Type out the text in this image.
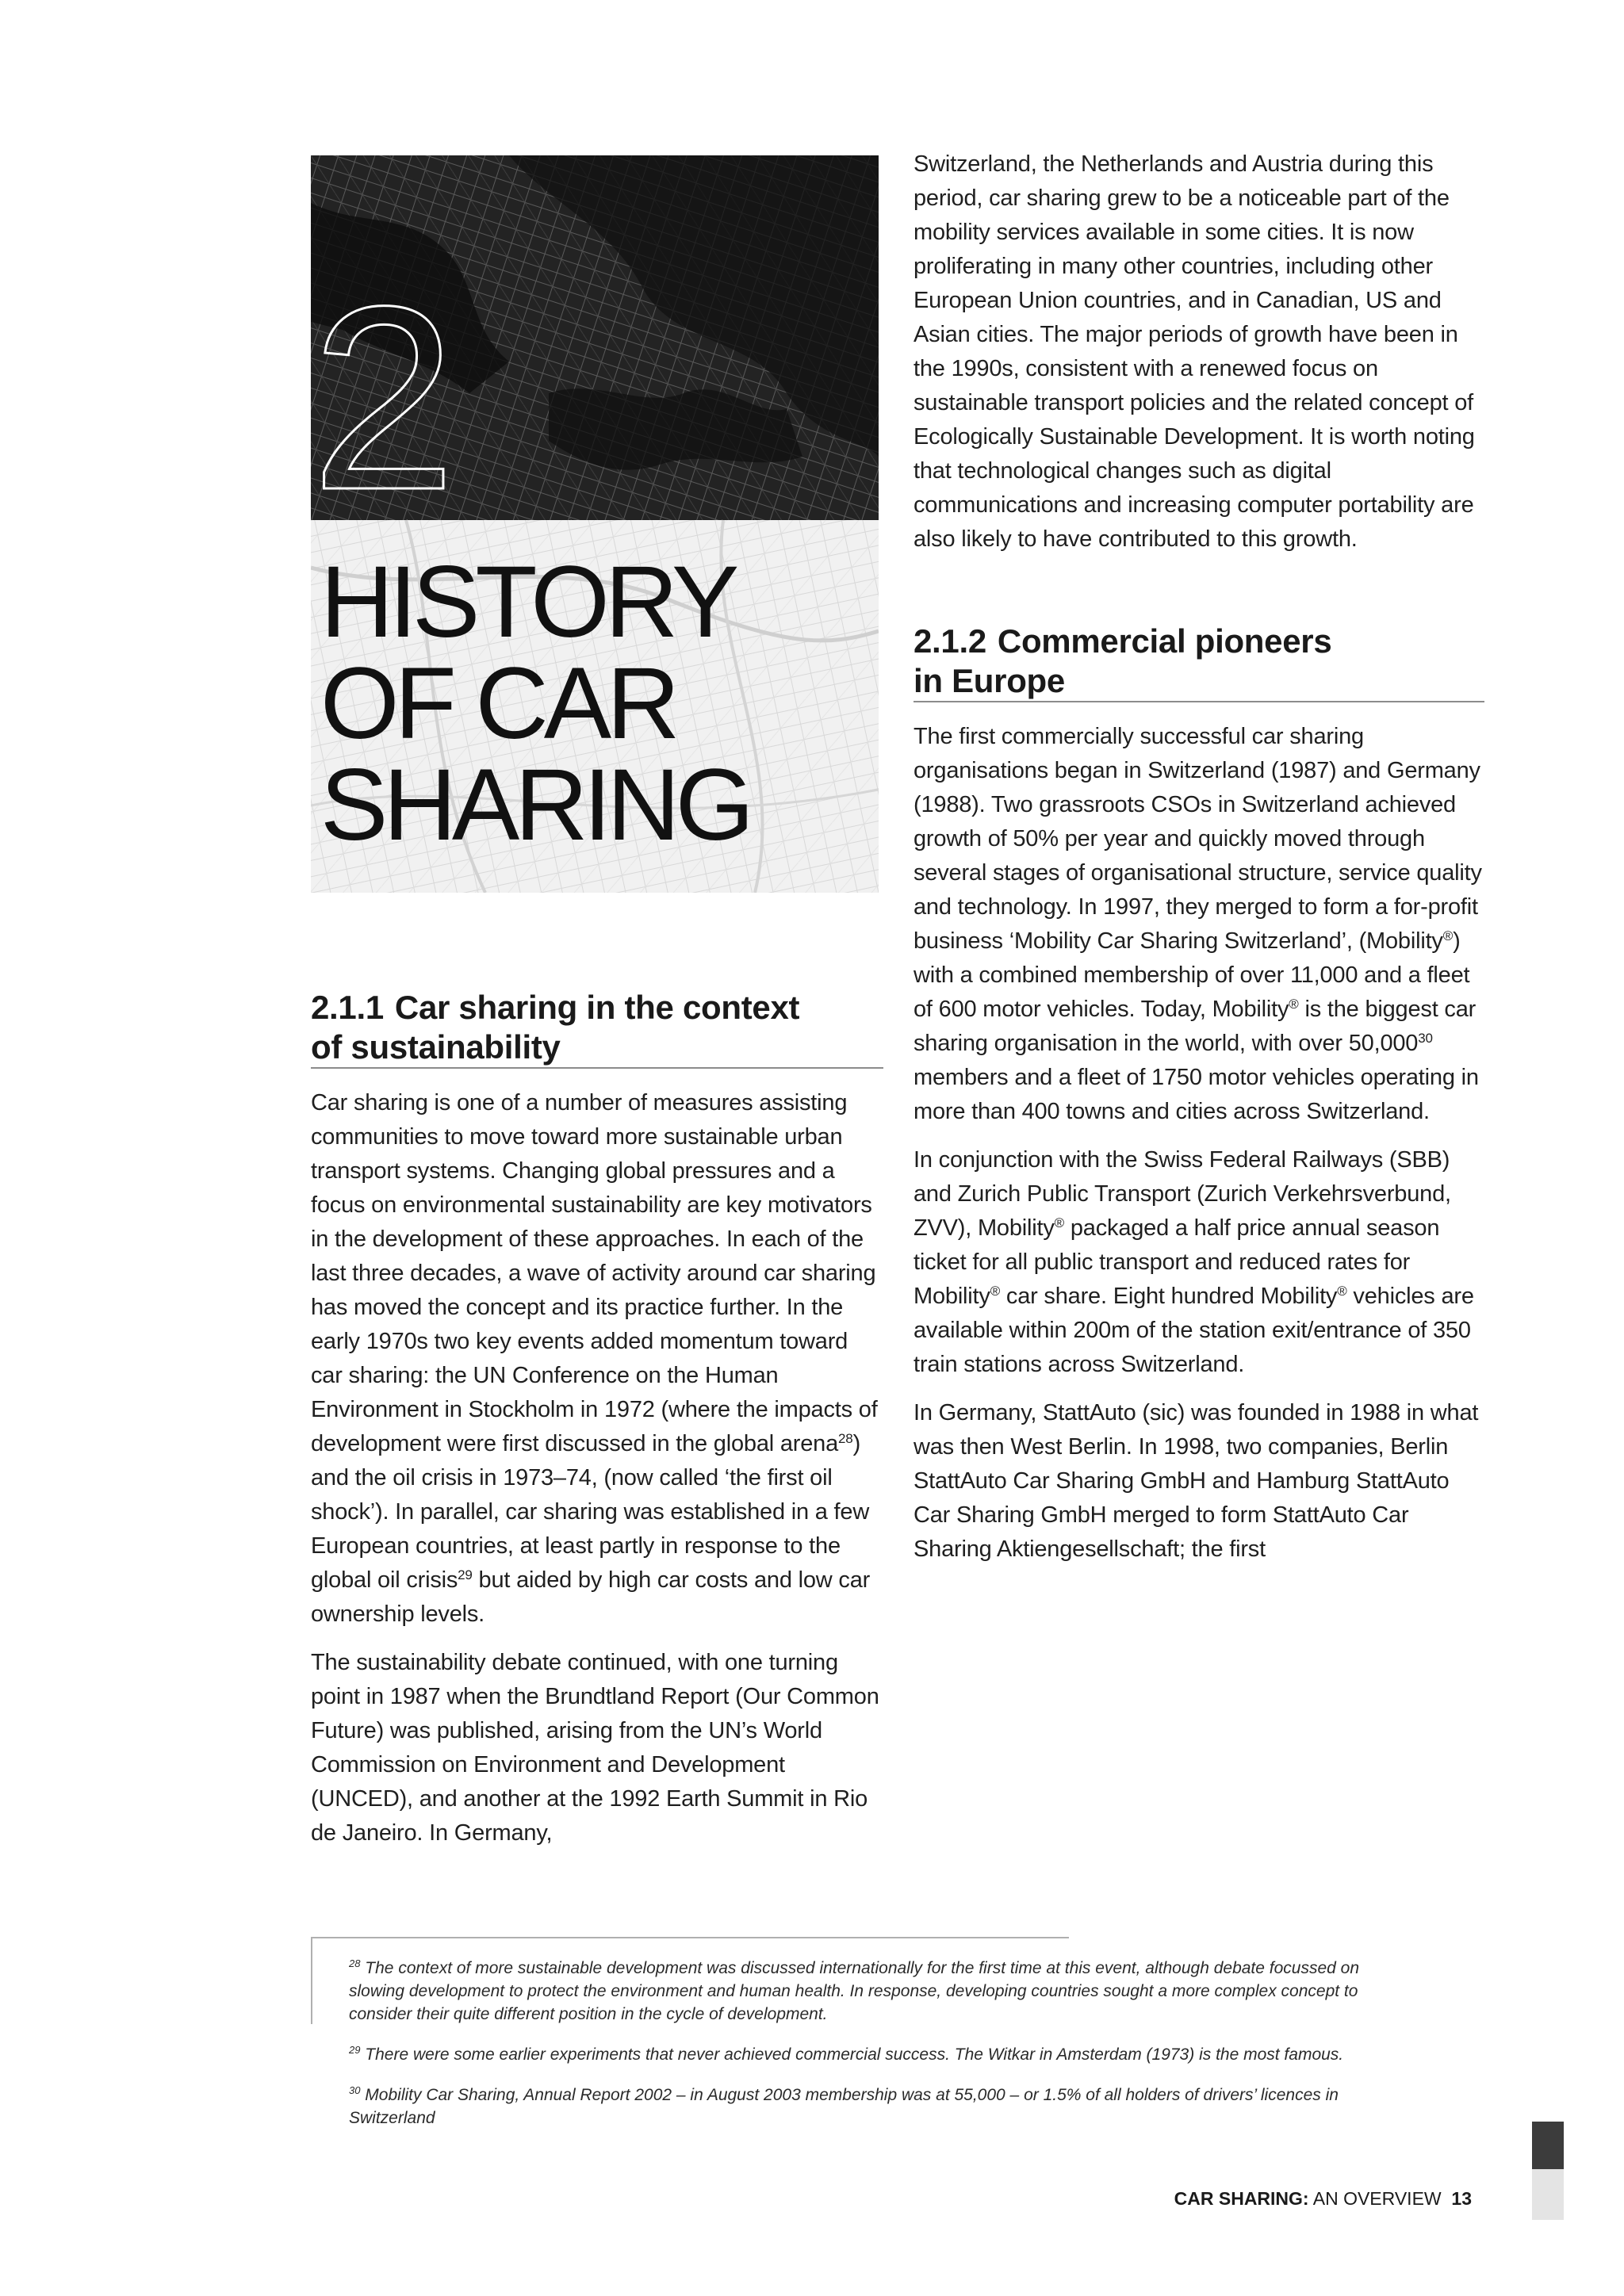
2
HISTORY
OF CAR
SHARING
2.1.1 Car sharing in the context
of sustainability

Car sharing is one of a number of measures assisting communities to move toward more sustainable urban transport systems. Changing global pressures and a focus on environmental sustainability are key motivators in the development of these approaches. In each of the last three decades, a wave of activity around car sharing has moved the concept and its practice further. In the early 1970s two key events added momentum toward car sharing: the UN Conference on the Human Environment in Stockholm in 1972 (where the impacts of development were first discussed in the global arena$^{28}$) and the oil crisis in 1973–74, (now called ‘the first oil shock’). In parallel, car sharing was established in a few European countries, at least partly in response to the global oil crisis$^{29}$ but aided by high car costs and low car ownership levels.

The sustainability debate continued, with one turning point in 1987 when the Brundtland Report (Our Common Future) was published, arising from the UN’s World Commission on Environment and Development (UNCED), and another at the 1992 Earth Summit in Rio de Janeiro. In Germany,

Switzerland, the Netherlands and Austria during this period, car sharing grew to be a noticeable part of the mobility services available in some cities. It is now proliferating in many other countries, including other European Union countries, and in Canadian, US and Asian cities. The major periods of growth have been in the 1990s, consistent with a renewed focus on sustainable transport policies and the related concept of Ecologically Sustainable Development. It is worth noting that technological changes such as digital communications and increasing computer portability are also likely to have contributed to this growth.

2.1.2 Commercial pioneers
in Europe

The first commercially successful car sharing organisations began in Switzerland (1987) and Germany (1988). Two grassroots CSOs in Switzerland achieved growth of 50% per year and quickly moved through several stages of organisational structure, service quality and technology. In 1997, they merged to form a for-profit business ‘Mobility Car Sharing Switzerland’, (Mobility®) with a combined membership of over 11,000 and a fleet of 600 motor vehicles. Today, Mobility® is the biggest car sharing organisation in the world, with over 50,000$^{30}$ members and a fleet of 1750 motor vehicles operating in more than 400 towns and cities across Switzerland.

In conjunction with the Swiss Federal Railways (SBB) and Zurich Public Transport (Zurich Verkehrsverbund, ZVV), Mobility® packaged a half price annual season ticket for all public transport and reduced rates for Mobility® car share. Eight hundred Mobility® vehicles are available within 200m of the station exit/entrance of 350 train stations across Switzerland.

In Germany, StattAuto (sic) was founded in 1988 in what was then West Berlin. In 1998, two companies, Berlin StattAuto Car Sharing GmbH and Hamburg StattAuto Car Sharing GmbH merged to form StattAuto Car Sharing Aktiengesellschaft; the first

$^{28}$ The context of more sustainable development was discussed internationally for the first time at this event, although debate focussed on slowing development to protect the environment and human health. In response, developing countries sought a more complex concept to consider their quite different position in the cycle of development.

$^{29}$ There were some earlier experiments that never achieved commercial success. The Witkar in Amsterdam (1973) is the most famous.

$^{30}$ Mobility Car Sharing, Annual Report 2002 – in August 2003 membership was at 55,000 – or 1.5% of all holders of drivers’ licences in Switzerland

CAR SHARING: AN OVERVIEW 13
